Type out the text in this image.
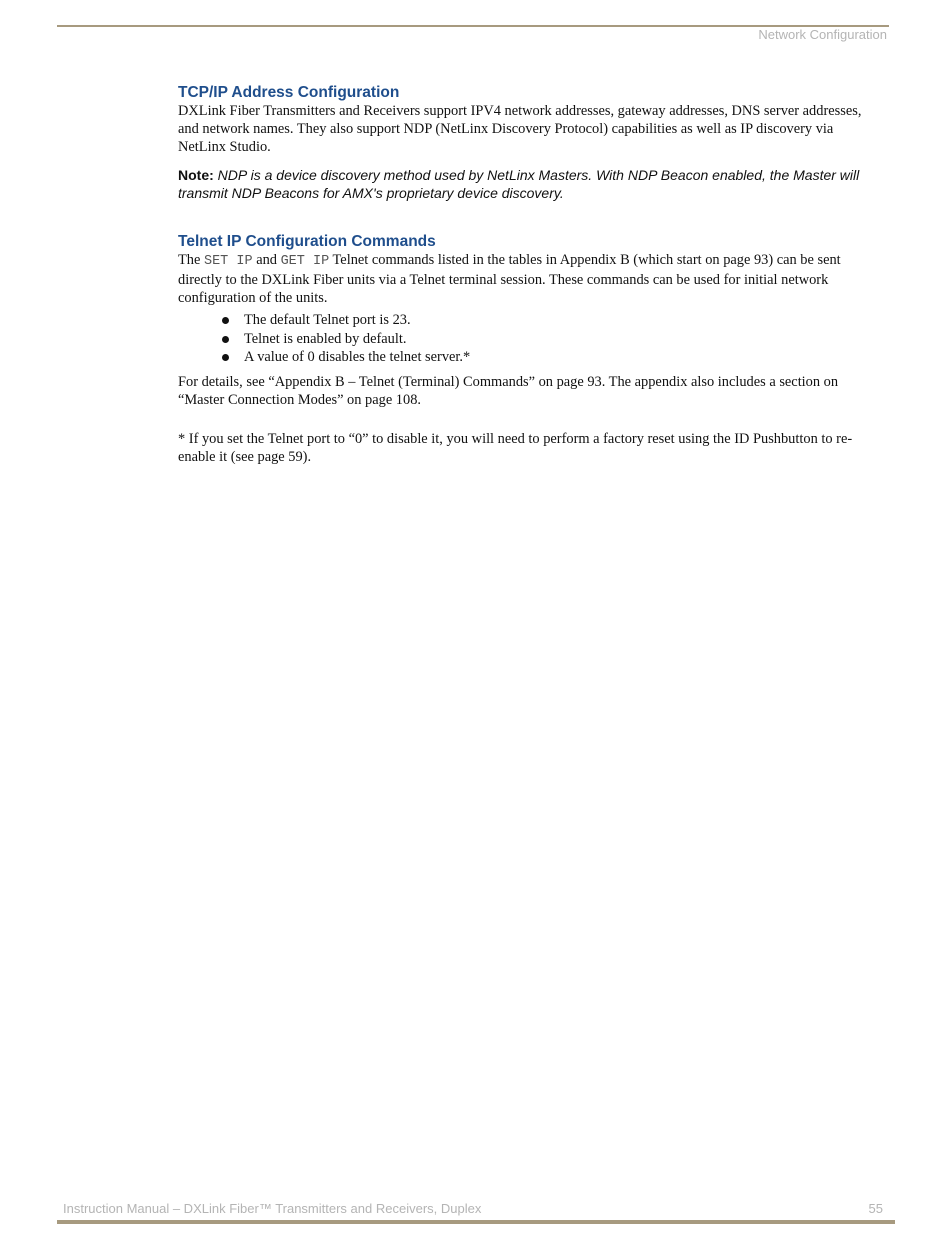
Network Configuration
TCP/IP Address Configuration

DXLink Fiber Transmitters and Receivers support IPV4 network addresses, gateway addresses, DNS server addresses, and network names. They also support NDP (NetLinx Discovery Protocol) capabilities as well as IP discovery via NetLinx Studio.

Note: NDP is a device discovery method used by NetLinx Masters. With NDP Beacon enabled, the Master will transmit NDP Beacons for AMX's proprietary device discovery.
Telnet IP Configuration Commands

The SET IP and GET IP Telnet commands listed in the tables in Appendix B (which start on page 93) can be sent directly to the DXLink Fiber units via a Telnet terminal session. These commands can be used for initial network configuration of the units.

The default Telnet port is 23.
Telnet is enabled by default.
A value of 0 disables the telnet server.*

For details, see “Appendix B – Telnet (Terminal) Commands” on page 93. The appendix also includes a section on “Master Connection Modes” on page 108.

* If you set the Telnet port to “0” to disable it, you will need to perform a factory reset using the ID Pushbutton to re-enable it (see page 59).

Instruction Manual – DXLink Fiber™ Transmitters and Receivers, Duplex	55
